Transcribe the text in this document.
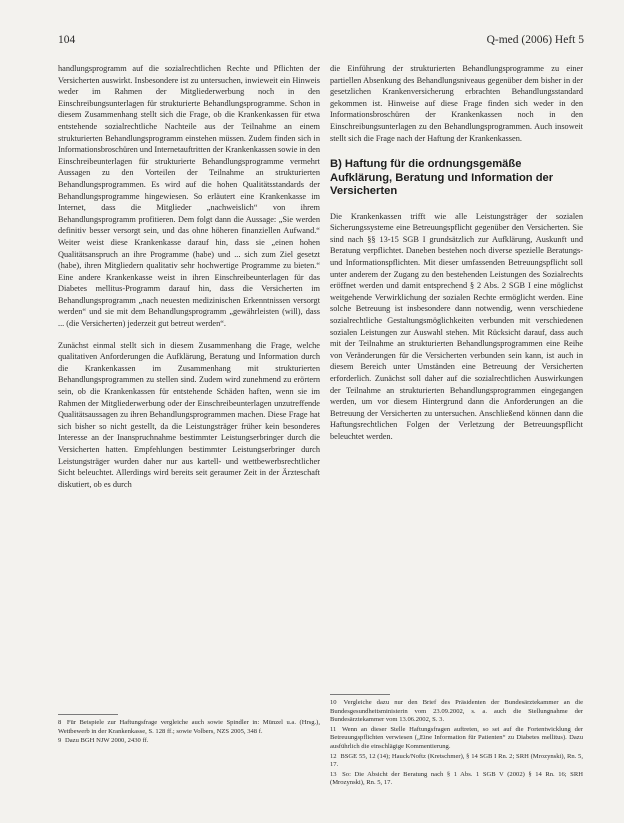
104	Q-med (2006) Heft 5

handlungsprogramm auf die sozialrechtlichen Rechte und Pflichten der Versicherten auswirkt. Insbesondere ist zu untersuchen, inwieweit ein Hinweis weder im Rahmen der Mitgliederwerbung noch in den Einschreibungsunterlagen für strukturierte Behandlungsprogramme. Schon in diesem Zusammenhang stellt sich die Frage, ob die Krankenkassen für etwa entstehende sozialrechtliche Nachteile aus der Teilnahme an einem strukturierten Behandlungsprogramm einstehen müssen. Zudem finden sich in Informationsbroschüren und Internetauftritten der Krankenkassen sowie in den Einschreibeunterlagen für strukturierte Behandlungsprogramme vermehrt Aussagen zu den Vorteilen der Teilnahme an strukturierten Behandlungsprogrammen. Es wird auf die hohen Qualitätsstandards der Behandlungsprogramme hingewiesen. So erläutert eine Krankenkasse im Internet, dass die Mitglieder „nachweislich“ von ihrem Behandlungsprogramm profitieren. Dem folgt dann die Aussage: „Sie werden definitiv besser versorgt sein, und das ohne höheren finanziellen Aufwand.“ Weiter weist diese Krankenkasse darauf hin, dass sie „einen hohen Qualitätsanspruch an ihre Programme (habe) und ... sich zum Ziel gesetzt (habe), ihren Mitgliedern qualitativ sehr hochwertige Programme zu bieten.“ Eine andere Krankenkasse weist in ihren Einschreibeunterlagen für das Diabetes mellitus-Programm darauf hin, dass die Versicherten im Behandlungsprogramm „nach neuesten medizinischen Erkenntnissen versorgt werden“ und sie mit dem Behandlungsprogramm „gewährleisten (will), dass ... (die Versicherten) jederzeit gut betreut werden“.

Zunächst einmal stellt sich in diesem Zusammenhang die Frage, welche qualitativen Anforderungen die Aufklärung, Beratung und Information durch die Krankenkassen im Zusammenhang mit strukturierten Behandlungsprogrammen zu stellen sind. Zudem wird zunehmend zu erörtern sein, ob die Krankenkassen für entstehende Schäden haften, wenn sie im Rahmen der Mitgliederwerbung oder der Einschreibeunterlagen unzutreffende Qualitätsaussagen zu ihren Behandlungsprogrammen machen. Diese Frage hat sich bisher so nicht gestellt, da die Leistungsträger früher kein besonderes Interesse an der Inanspruchnahme bestimmter Leistungserbringer durch die Versicherten hatten. Empfehlungen bestimmter Leistungserbringer durch Leistungsträger wurden daher nur aus kartell- und wettbewerbsrechtlicher Sicht beleuchtet. Allerdings wird bereits seit geraumer Zeit in der Ärzteschaft diskutiert, ob es durch

die Einführung der strukturierten Behandlungsprogramme zu einer partiellen Absenkung des Behandlungsniveaus gegenüber dem bisher in der gesetzlichen Krankenversicherung erbrachten Behandlungsstandard gekommen ist. Hinweise auf diese Frage finden sich weder in den Informationsbroschüren der Krankenkassen noch in den Einschreibungsunterlagen zu den Behandlungsprogrammen. Auch insoweit stellt sich die Frage nach der Haftung der Krankenkassen.

B) Haftung für die ordnungsgemäße Aufklärung, Beratung und Information der Versicherten

Die Krankenkassen trifft wie alle Leistungsträger der sozialen Sicherungssysteme eine Betreuungspflicht gegenüber den Versicherten. Sie sind nach §§ 13-15 SGB I grundsätzlich zur Aufklärung, Auskunft und Beratung verpflichtet. Daneben bestehen noch diverse spezielle Beratungs- und Informationspflichten. Mit dieser umfassenden Betreuungspflicht soll unter anderem der Zugang zu den bestehenden Leistungen des Sozialrechts eröffnet werden und damit entsprechend § 2 Abs. 2 SGB I eine möglichst weitgehende Verwirklichung der sozialen Rechte ermöglicht werden. Eine solche Betreuung ist insbesondere dann notwendig, wenn verschiedene sozialrechtliche Gestaltungsmöglichkeiten verbunden mit verschiedenen sozialen Leistungen zur Auswahl stehen. Mit Rücksicht darauf, dass auch mit der Teilnahme an strukturierten Behandlungsprogrammen eine Reihe von Veränderungen für die Versicherten verbunden sein kann, ist auch in diesem Bereich unter Umständen eine Betreuung der Versicherten erforderlich. Zunächst soll daher auf die sozialrechtlichen Auswirkungen der Teilnahme an strukturierten Behandlungsprogrammen eingegangen werden, um vor diesem Hintergrund dann die Anforderungen an die Betreuung der Versicherten zu untersuchen. Anschließend können dann die Haftungsrechtlichen Folgen der Verletzung der Betreuungspflicht beleuchtet werden.

8 Für Beispiele zur Haftungsfrage vergleiche auch sowie Spindler in: Münzel u.a. (Hrsg.), Wettbewerb in der Krankenkasse, S. 128 ff.; sowie Volbers, NZS 2005, 348 f.
9 Dazu BGH NJW 2000, 2430 ff.
10 Vergleiche dazu nur den Brief des Präsidenten der Bundesärztekammer an die Bundesgesundheitsministerin vom 23.09.2002, s. a. auch die Stellungnahme der Bundesärztekammer vom 13.06.2002, S. 3.
11 Wenn an dieser Stelle Haftungsfragen auftreten, so sei auf die Fortentwicklung der Betreuungspflichten verwiesen („Eine Information für Patienten“ zu Diabetes mellitus). Dazu ausführlich die einschlägige Kommentierung.
12 BSGE 55, 12 (14); Hauck/Noftz (Kretschmer), § 14 SGB I Rn. 2; SRH (Mrozynski), Rn. 5, 17.
13 So: Die Absicht der Beratung nach § 1 Abs. 1 SGB V (2002) § 14 Rn. 16; SRH (Mrozynski), Rn. 5, 17.
